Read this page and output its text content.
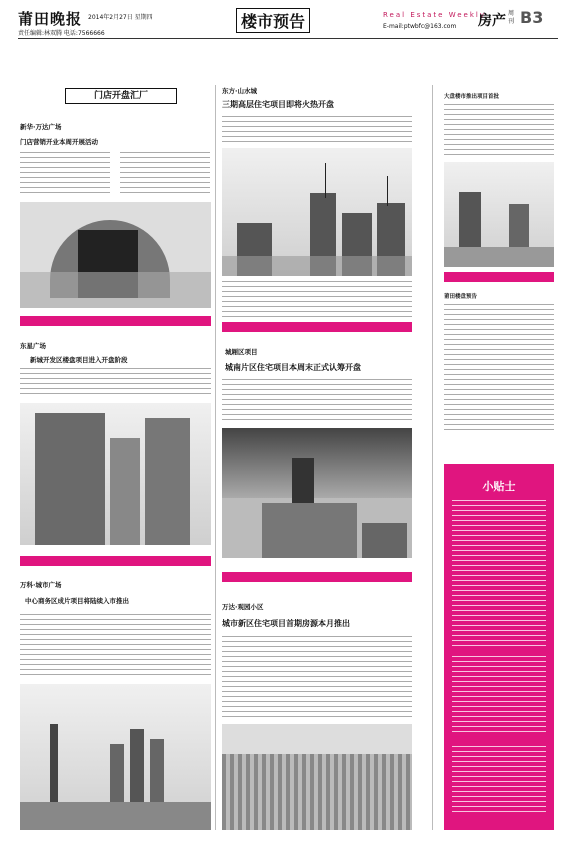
莆田晚报 2014年2月27日 星期四
责任编辑:林双腾 电话:7566666
楼市预告	Real Estate Weekly
E-mail:ptwbfc@163.com 房产 周刊 B3
门店开盘汇厂
新华·万达广场
门店营销开业本周开展活动
东星广场
新城开发区楼盘项目进入开盘阶段
万科·城市广场
中心商务区成片项目将陆续入市推出
东方·山水城
三期高层住宅项目即将火热开盘
城厢区项目
城南片区住宅项目本周末正式认筹开盘
万达·观园小区
城市新区住宅项目首期房源本月推出
大盘楼市推出项目首批
莆田楼盘预告
小贴士
